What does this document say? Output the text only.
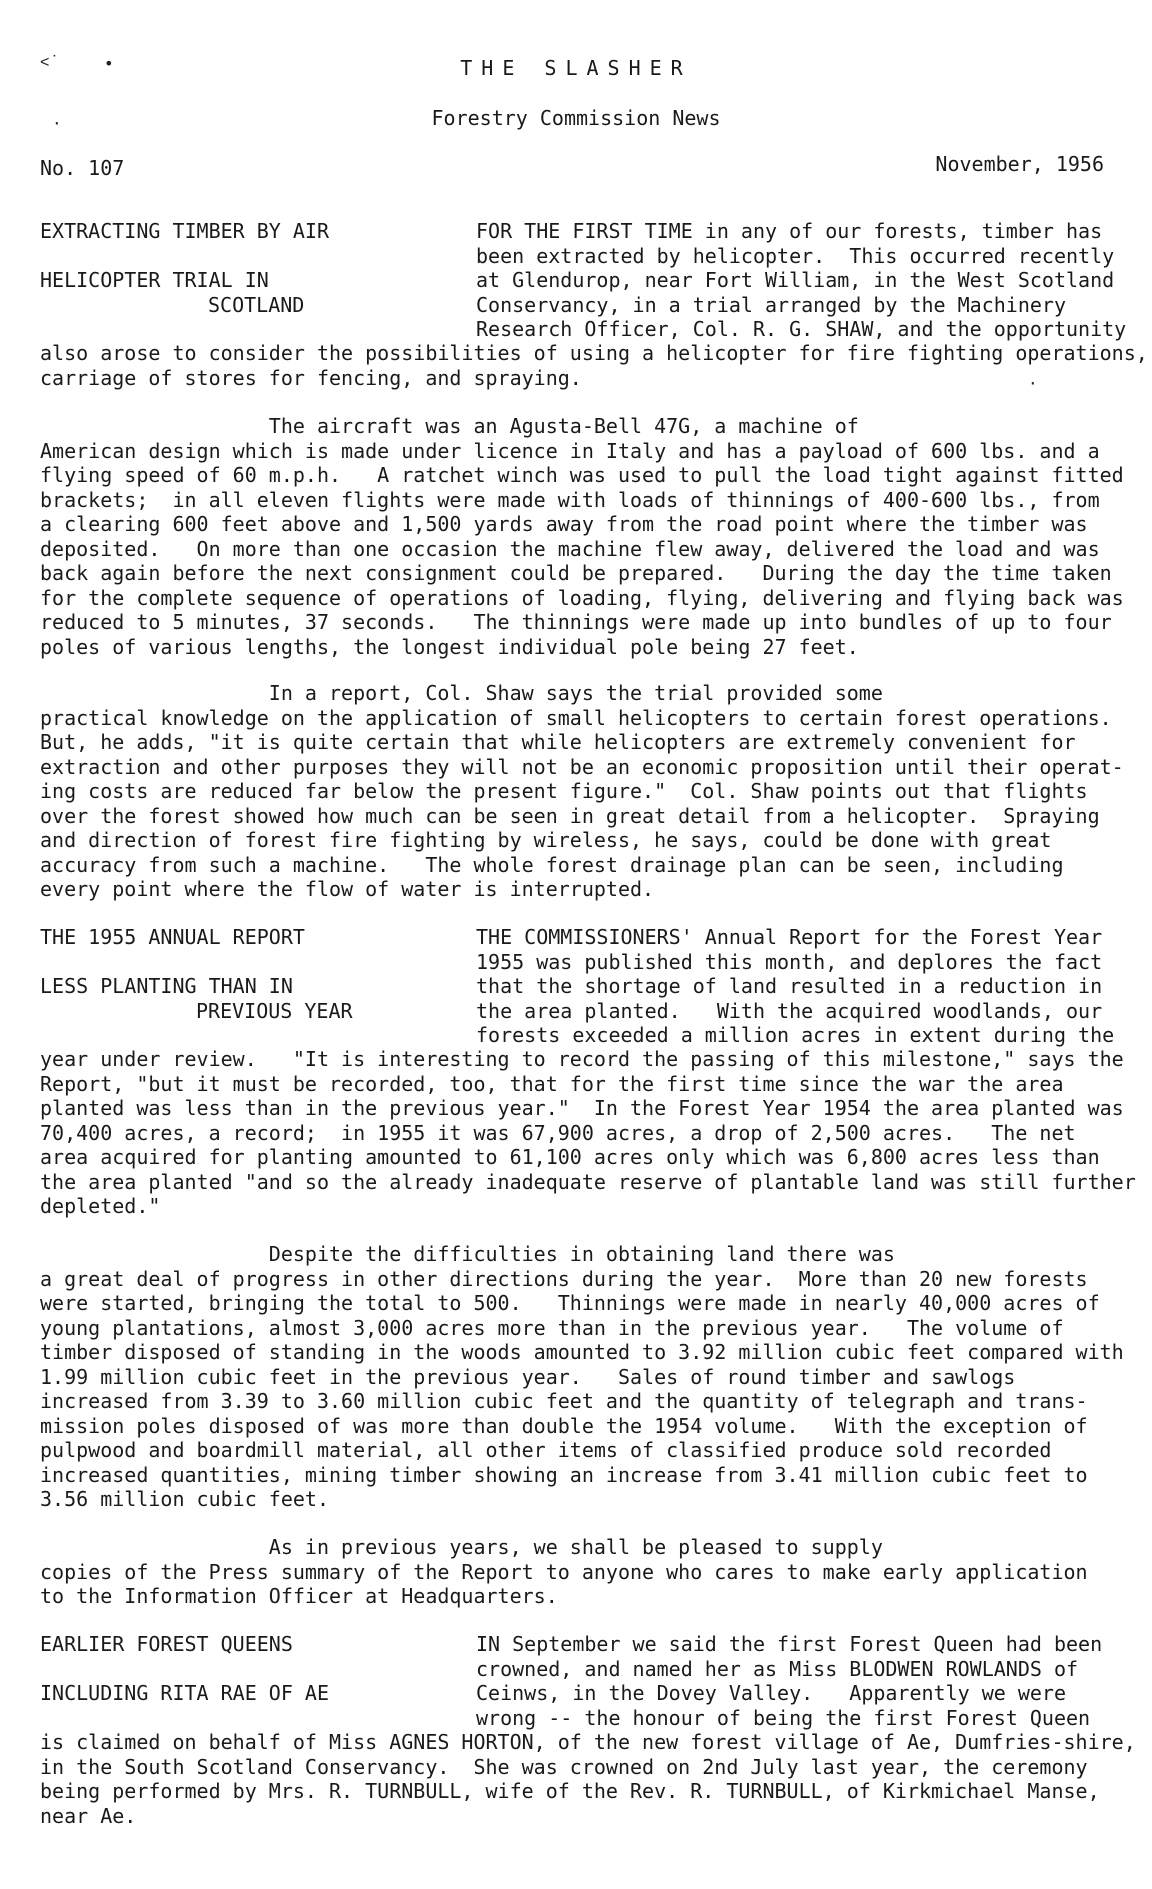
THE SLASHER
Forestry Commission News
No. 107	November, 1956
EXTRACTING TIMBER BY AIR
HELICOPTER TRIAL IN
SCOTLAND
FOR THE FIRST TIME in any of our forests, timber has
been extracted by helicopter.  This occurred recently
at Glendurор, near Fort William, in the West Scotland
Conservancy, in a trial arranged by the Machinery
Research Officer, Col. R. G. SHAW, and the opportunity

also arose to consider the possibilities of using a helicopter for fire fighting operations,
carriage of stores for fencing, and spraying.

The aircraft was an Agusta-Bell 47G, a machine of
American design which is made under licence in Italy and has a payload of 600 lbs. and a
flying speed of 60 m.p.h.   A ratchet winch was used to pull the load tight against fitted
brackets;  in all eleven flights were made with loads of thinnings of 400-600 lbs., from
a clearing 600 feet above and 1,500 yards away from the road point where the timber was
deposited.   On more than one occasion the machine flew away, delivered the load and was
back again before the next consignment could be prepared.   During the day the time taken
for the complete sequence of operations of loading, flying, delivering and flying back was
reduced to 5 minutes, 37 seconds.   The thinnings were made up into bundles of up to four
poles of various lengths, the longest individual pole being 27 feet.

In a report, Col. Shaw says the trial provided some
practical knowledge on the application of small helicopters to certain forest operations.
But, he adds, "it is quite certain that while helicopters are extremely convenient for
extraction and other purposes they will not be an economic proposition until their operat-
ing costs are reduced far below the present figure."  Col. Shaw points out that flights
over the forest showed how much can be seen in great detail from a helicopter.  Spraying
and direction of forest fire fighting by wireless, he says, could be done with great
accuracy from such a machine.   The whole forest drainage plan can be seen, including
every point where the flow of water is interrupted.

THE 1955 ANNUAL REPORT
LESS PLANTING THAN IN
PREVIOUS YEAR
THE COMMISSIONERS' Annual Report for the Forest Year
1955 was published this month, and deplores the fact
that the shortage of land resulted in a reduction in
the area planted.   With the acquired woodlands, our
forests exceeded a million acres in extent during the

year under review.   "It is interesting to record the passing of this milestone," says the
Report, "but it must be recorded, too, that for the first time since the war the area
planted was less than in the previous year."  In the Forest Year 1954 the area planted was
70,400 acres, a record;  in 1955 it was 67,900 acres, a drop of 2,500 acres.   The net
area acquired for planting amounted to 61,100 acres only which was 6,800 acres less than
the area planted "and so the already inadequate reserve of plantable land was still further
depleted."

Despite the difficulties in obtaining land there was
a great deal of progress in other directions during the year.  More than 20 new forests
were started, bringing the total to 500.   Thinnings were made in nearly 40,000 acres of
young plantations, almost 3,000 acres more than in the previous year.   The volume of
timber disposed of standing in the woods amounted to 3.92 million cubic feet compared with
1.99 million cubic feet in the previous year.   Sales of round timber and sawlogs
increased from 3.39 to 3.60 million cubic feet and the quantity of telegraph and trans-
mission poles disposed of was more than double the 1954 volume.   With the exception of
pulpwood and boardmill material, all other items of classified produce sold recorded
increased quantities, mining timber showing an increase from 3.41 million cubic feet to
3.56 million cubic feet.

As in previous years, we shall be pleased to supply
copies of the Press summary of the Report to anyone who cares to make early application
to the Information Officer at Headquarters.

EARLIER FOREST QUEENS
INCLUDING RITA RAE OF AE
IN September we said the first Forest Queen had been
crowned, and named her as Miss BLODWEN ROWLANDS of
Ceinws, in the Dovey Valley.   Apparently we were
wrong -- the honour of being the first Forest Queen

is claimed on behalf of Miss AGNES HORTON, of the new forest village of Ae, Dumfries-shire,
in the South Scotland Conservancy.  She was crowned on 2nd July last year, the ceremony
being performed by Mrs. R. TURNBULL, wife of the Rev. R. TURNBULL, of Kirkmichael Manse,
near Ae.

˂˙	•
·
·
